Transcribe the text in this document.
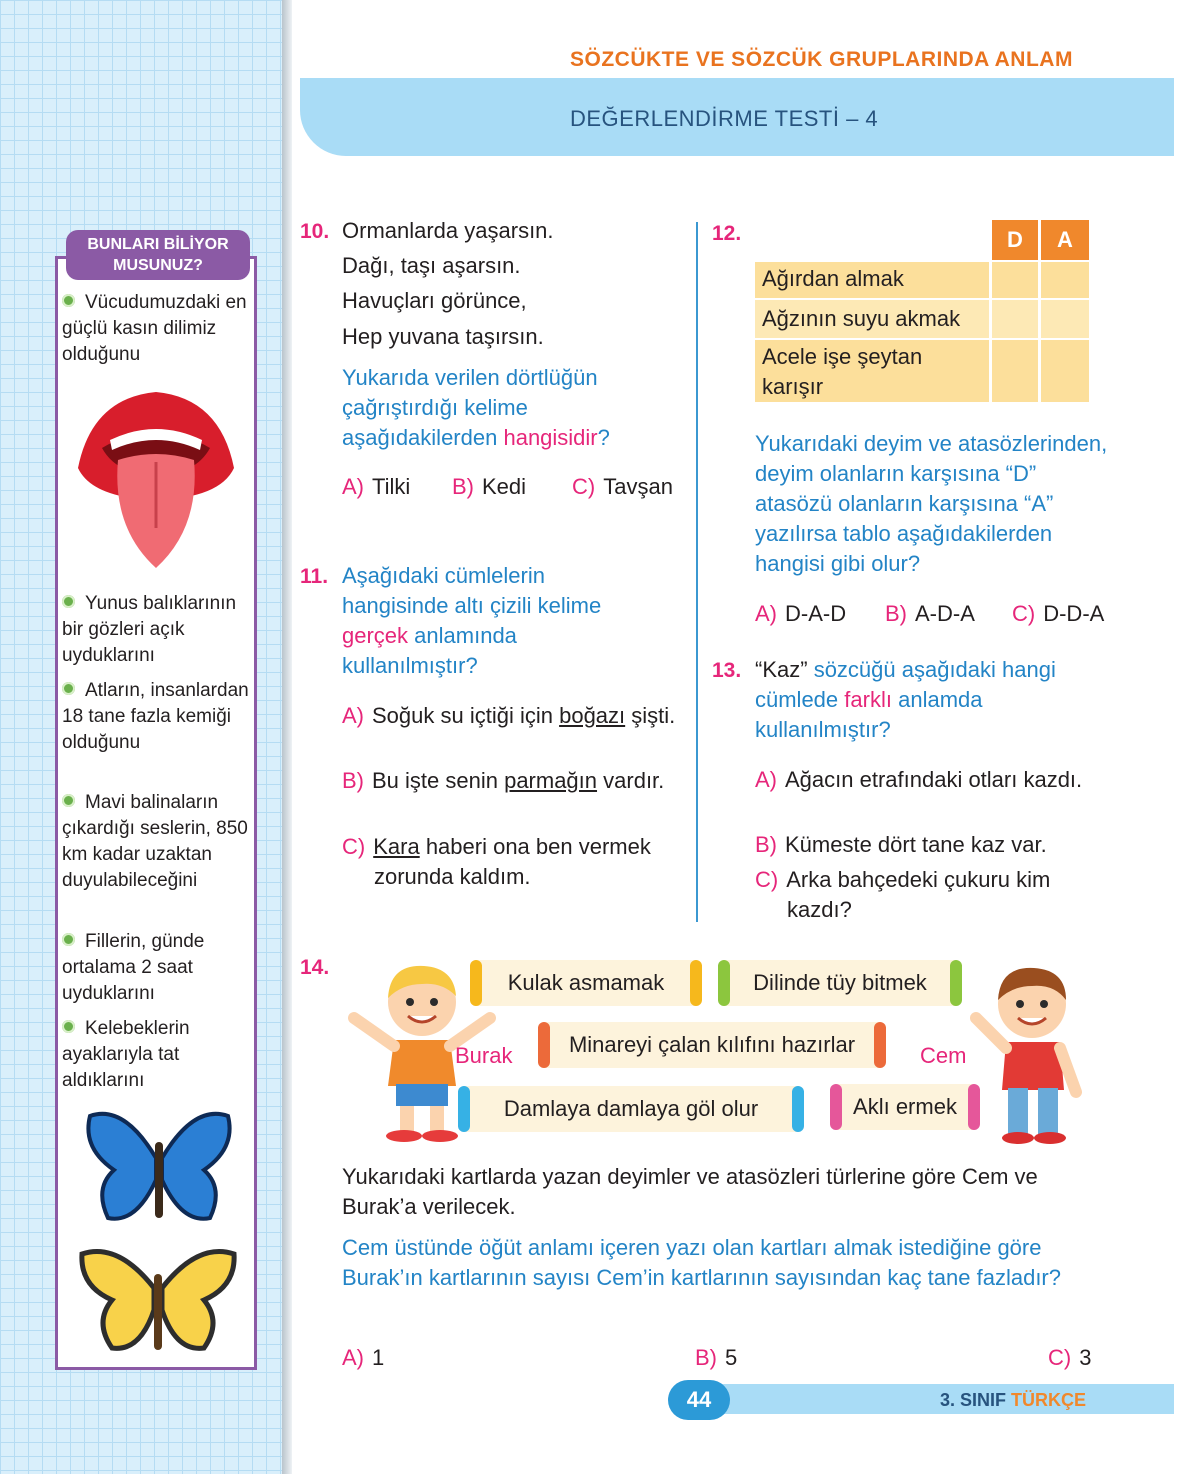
SÖZCÜKTE VE SÖZCÜK GRUPLARINDA ANLAM
DEĞERLENDİRME TESTİ – 4
BUNLARI BİLİYOR MUSUNUZ?
Vücudumuzdaki en güçlü kasın dilimiz olduğunu
Yunus balıklarının bir gözleri açık uyduklarını
Atların, insanlardan 18 tane fazla kemiği olduğunu
Mavi balinaların çıkardığı seslerin, 850 km kadar uzaktan duyulabileceğini
Fillerin, günde ortalama 2 saat uyduklarını
Kelebeklerin ayaklarıyla tat aldıklarını
10. Ormanlarda yaşarsın.
Dağı, taşı aşarsın.
Havuçları görünce,
Hep yuvana taşırsın.
Yukarıda verilen dörtlüğün çağrıştırdığı kelime aşağıdakilerden hangisidir?
A) Tilki B) Kedi C) Tavşan
11. Aşağıdaki cümlelerin hangisinde altı çizili kelime gerçek anlamında kullanılmıştır?
A) Soğuk su içtiği için boğazı şişti.
B) Bu işte senin parmağın vardır.
C) Kara haberi ona ben vermek zorunda kaldım.
12.	D	A
Ağırdan almak
Ağzının suyu akmak
Acele işe şeytan karışır
Yukarıdaki deyim ve atasözlerinden, deyim olanların karşısına “D” atasözü olanların karşısına “A” yazılırsa tablo aşağıdakilerden hangisi gibi olur?
A) D-A-D B) A-D-A C) D-D-A
13. “Kaz” sözcüğü aşağıdaki hangi cümlede farklı anlamda kullanılmıştır?
A) Ağacın etrafındaki otları kazdı.
B) Kümeste dört tane kaz var.
C) Arka bahçedeki çukuru kim kazdı?
14.
Burak	Cem
Kulak asmamak	Dilinde tüy bitmek
Minareyi çalan kılıfını hazırlar
Damlaya damlaya göl olur	Aklı ermek
Yukarıdaki kartlarda yazan deyimler ve atasözleri türlerine göre Cem ve Burak’a verilecek.
Cem üstünde öğüt anlamı içeren yazı olan kartları almak istediğine göre Burak’ın kartlarının sayısı Cem’in kartlarının sayısından kaç tane fazladır?
A) 1	B) 5	C) 3
44	3. SINIF TÜRKÇE
